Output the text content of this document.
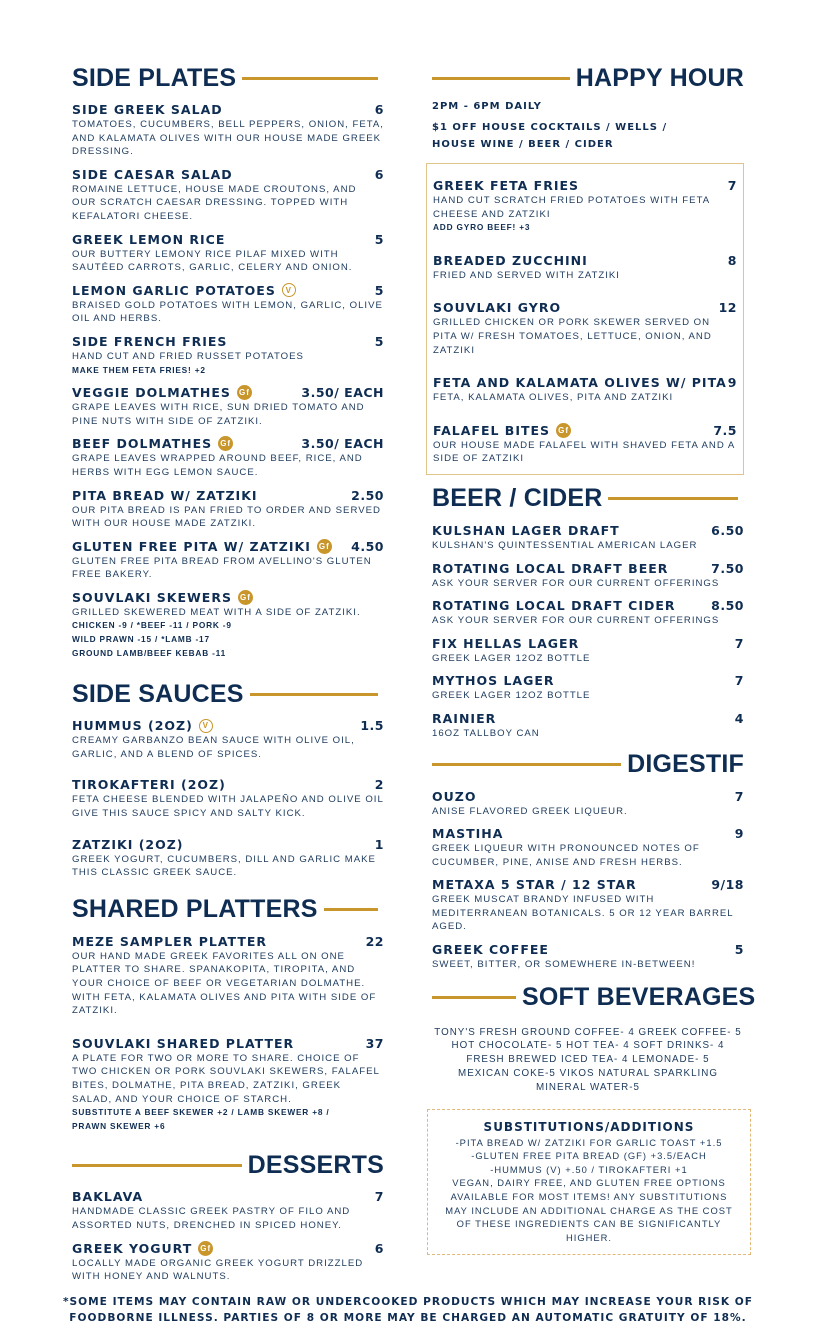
SIDE PLATES
SIDE GREEK SALAD	6
TOMATOES, CUCUMBERS, BELL PEPPERS, ONION, FETA, AND KALAMATA OLIVES WITH OUR HOUSE MADE GREEK DRESSING.
SIDE CAESAR SALAD	6
ROMAINE LETTUCE, HOUSE MADE CROUTONS, AND OUR SCRATCH CAESAR DRESSING. TOPPED WITH KEFALATORI CHEESE.
GREEK LEMON RICE	5
OUR BUTTERY LEMONY RICE PILAF MIXED WITH SAUTÉED CARROTS, GARLIC, CELERY AND ONION.
LEMON GARLIC POTATOES	V	5
BRAISED GOLD POTATOES WITH LEMON, GARLIC, OLIVE OIL AND HERBS.
SIDE FRENCH FRIES	5
HAND CUT AND FRIED RUSSET POTATOES
MAKE THEM FETA FRIES! +2
VEGGIE DOLMATHES Gf	3.50/ EACH
GRAPE LEAVES WITH RICE, SUN DRIED TOMATO AND PINE NUTS WITH SIDE OF ZATZIKI.
BEEF DOLMATHES Gf	3.50/ EACH
GRAPE LEAVES WRAPPED AROUND BEEF, RICE, AND HERBS WITH EGG LEMON SAUCE.
PITA BREAD W/ ZATZIKI	2.50
OUR PITA BREAD IS PAN FRIED TO ORDER AND SERVED WITH OUR HOUSE MADE ZATZIKI.
GLUTEN FREE PITA W/ ZATZIKI Gf 4.50
GLUTEN FREE PITA BREAD FROM AVELLINO'S GLUTEN FREE BAKERY.
SOUVLAKI SKEWERS Gf
GRILLED SKEWERED MEAT WITH A SIDE OF ZATZIKI.
CHICKEN -9 / *BEEF -11 / PORK -9
WILD PRAWN -15 / *LAMB -17
GROUND LAMB/BEEF KEBAB -11
SIDE SAUCES
HUMMUS (2OZ)	V	1.5
CREAMY GARBANZO BEAN SAUCE WITH OLIVE OIL, GARLIC, AND A BLEND OF SPICES.
TIROKAFTERI (2OZ)	2
FETA CHEESE BLENDED WITH JALAPEÑO AND OLIVE OIL GIVE THIS SAUCE SPICY AND SALTY KICK.
ZATZIKI (2OZ)	1
GREEK YOGURT, CUCUMBERS, DILL AND GARLIC MAKE THIS CLASSIC GREEK SAUCE.
SHARED PLATTERS
MEZE SAMPLER PLATTER	22
OUR HAND MADE GREEK FAVORITES ALL ON ONE PLATTER TO SHARE. SPANAKOPITA, TIROPITA, AND YOUR CHOICE OF BEEF OR VEGETARIAN DOLMATHE. WITH FETA, KALAMATA OLIVES AND PITA WITH SIDE OF ZATZIKI.
SOUVLAKI SHARED PLATTER	37
A PLATE FOR TWO OR MORE TO SHARE. CHOICE OF TWO CHICKEN OR PORK SOUVLAKI SKEWERS, FALAFEL BITES, DOLMATHE, PITA BREAD, ZATZIKI, GREEK SALAD, AND YOUR CHOICE OF STARCH.
SUBSTITUTE A BEEF SKEWER +2 / LAMB SKEWER +8 /
PRAWN SKEWER +6
DESSERTS
BAKLAVA	7
HANDMADE CLASSIC GREEK PASTRY OF FILO AND ASSORTED NUTS, DRENCHED IN SPICED HONEY.
GREEK YOGURT Gf	6
LOCALLY MADE ORGANIC GREEK YOGURT DRIZZLED WITH HONEY AND WALNUTS.
HAPPY HOUR
2PM - 6PM DAILY
$1 OFF HOUSE COCKTAILS / WELLS /
HOUSE WINE / BEER / CIDER
GREEK FETA FRIES	7
HAND CUT SCRATCH FRIED POTATOES WITH FETA CHEESE AND ZATZIKI
ADD GYRO BEEF! +3
BREADED ZUCCHINI	8
FRIED AND SERVED WITH ZATZIKI
SOUVLAKI GYRO	12
GRILLED CHICKEN OR PORK SKEWER SERVED ON PITA W/ FRESH TOMATOES, LETTUCE, ONION, AND ZATZIKI
FETA AND KALAMATA OLIVES W/ PITA 9
FETA, KALAMATA OLIVES, PITA AND ZATZIKI
FALAFEL BITES Gf	7.5
OUR HOUSE MADE FALAFEL WITH SHAVED FETA AND A SIDE OF ZATZIKI
BEER / CIDER
KULSHAN LAGER DRAFT	6.50
KULSHAN'S QUINTESSENTIAL AMERICAN LAGER
ROTATING LOCAL DRAFT BEER	7.50
ASK YOUR SERVER FOR OUR CURRENT OFFERINGS
ROTATING LOCAL DRAFT CIDER	8.50
ASK YOUR SERVER FOR OUR CURRENT OFFERINGS
FIX HELLAS LAGER	7
GREEK LAGER 12OZ BOTTLE
MYTHOS LAGER	7
GREEK LAGER 12OZ BOTTLE
RAINIER	4
16OZ TALLBOY CAN
DIGESTIF
OUZO	7
ANISE FLAVORED GREEK LIQUEUR.
MASTIHA	9
GREEK LIQUEUR WITH PRONOUNCED NOTES OF CUCUMBER, PINE, ANISE AND FRESH HERBS.
METAXA 5 STAR / 12 STAR	9/18
GREEK MUSCAT BRANDY INFUSED WITH MEDITERRANEAN BOTANICALS. 5 OR 12 YEAR BARREL AGED.
GREEK COFFEE	5
SWEET, BITTER, OR SOMEWHERE IN-BETWEEN!
SOFT BEVERAGES
TONY'S FRESH GROUND COFFEE- 4 GREEK COFFEE- 5
HOT CHOCOLATE- 5 HOT TEA- 4 SOFT DRINKS- 4
FRESH BREWED ICED TEA- 4 LEMONADE- 5
MEXICAN COKE-5 VIKOS NATURAL SPARKLING
MINERAL WATER-5
SUBSTITUTIONS/ADDITIONS
-PITA BREAD W/ ZATZIKI FOR GARLIC TOAST +1.5
-GLUTEN FREE PITA BREAD (GF) +3.5/EACH
-HUMMUS (V) +.50 / TIROKAFTERI +1
VEGAN, DAIRY FREE, AND GLUTEN FREE OPTIONS
AVAILABLE FOR MOST ITEMS! ANY SUBSTITUTIONS
MAY INCLUDE AN ADDITIONAL CHARGE AS THE COST
OF THESE INGREDIENTS CAN BE SIGNIFICANTLY
HIGHER.
*SOME ITEMS MAY CONTAIN RAW OR UNDERCOOKED PRODUCTS WHICH MAY INCREASE YOUR RISK OF
FOODBORNE ILLNESS. PARTIES OF 8 OR MORE MAY BE CHARGED AN AUTOMATIC GRATUITY OF 18%.
